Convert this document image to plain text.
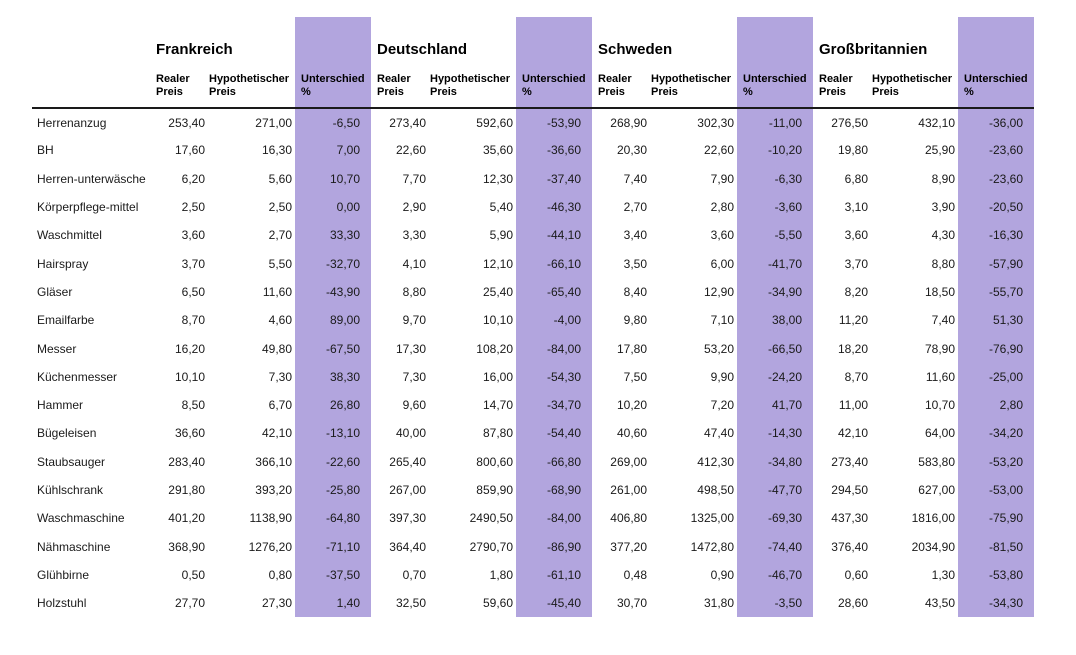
	Frankreich				Deutschland				Schweden				Großbritannien		
	Realer Preis	Hypothetischer Preis	Unterschied %		Realer Preis	Hypothetischer Preis	Unterschied %		Realer Preis	Hypothetischer Preis	Unterschied %		Realer Preis	Hypothetischer Preis	Unterschied %
Herrenanzug	253,40	271,00	-6,50		273,40	592,60	-53,90		268,90	302,30	-11,00		276,50	432,10	-36,00
BH	17,60	16,30	7,00		22,60	35,60	-36,60		20,30	22,60	-10,20		19,80	25,90	-23,60
Herren-unterwäsche	6,20	5,60	10,70		7,70	12,30	-37,40		7,40	7,90	-6,30		6,80	8,90	-23,60
Körperpflege-mittel	2,50	2,50	0,00		2,90	5,40	-46,30		2,70	2,80	-3,60		3,10	3,90	-20,50
Waschmittel	3,60	2,70	33,30		3,30	5,90	-44,10		3,40	3,60	-5,50		3,60	4,30	-16,30
Hairspray	3,70	5,50	-32,70		4,10	12,10	-66,10		3,50	6,00	-41,70		3,70	8,80	-57,90
Gläser	6,50	11,60	-43,90		8,80	25,40	-65,40		8,40	12,90	-34,90		8,20	18,50	-55,70
Emailfarbe	8,70	4,60	89,00		9,70	10,10	-4,00		9,80	7,10	38,00		11,20	7,40	51,30
Messer	16,20	49,80	-67,50		17,30	108,20	-84,00		17,80	53,20	-66,50		18,20	78,90	-76,90
Küchenmesser	10,10	7,30	38,30		7,30	16,00	-54,30		7,50	9,90	-24,20		8,70	11,60	-25,00
Hammer	8,50	6,70	26,80		9,60	14,70	-34,70		10,20	7,20	41,70		11,00	10,70	2,80
Bügeleisen	36,60	42,10	-13,10		40,00	87,80	-54,40		40,60	47,40	-14,30		42,10	64,00	-34,20
Staubsauger	283,40	366,10	-22,60		265,40	800,60	-66,80		269,00	412,30	-34,80		273,40	583,80	-53,20
Kühlschrank	291,80	393,20	-25,80		267,00	859,90	-68,90		261,00	498,50	-47,70		294,50	627,00	-53,00
Waschmaschine	401,20	1138,90	-64,80		397,30	2490,50	-84,00		406,80	1325,00	-69,30		437,30	1816,00	-75,90
Nähmaschine	368,90	1276,20	-71,10		364,40	2790,70	-86,90		377,20	1472,80	-74,40		376,40	2034,90	-81,50
Glühbirne	0,50	0,80	-37,50		0,70	1,80	-61,10		0,48	0,90	-46,70		0,60	1,30	-53,80
Holzstuhl	27,70	27,30	1,40		32,50	59,60	-45,40		30,70	31,80	-3,50		28,60	43,50	-34,30
